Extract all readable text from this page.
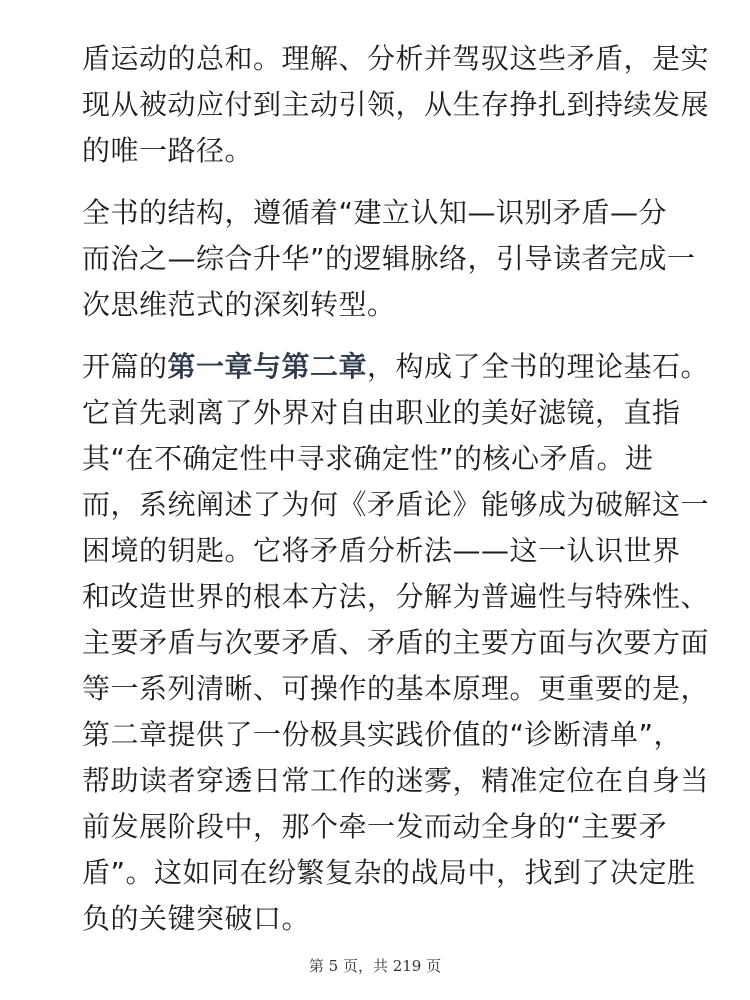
盾运动的总和。理解、分析并驾驭这些矛盾，是实
现从被动应付到主动引领，从生存挣扎到持续发展
的唯一路径。

全书的结构，遵循着“建立认知—识别矛盾—分
而治之—综合升华”的逻辑脉络，引导读者完成一
次思维范式的深刻转型。

开篇的第一章与第二章，构成了全书的理论基石。
它首先剥离了外界对自由职业的美好滤镜，直指
其“在不确定性中寻求确定性”的核心矛盾。进
而，系统阐述了为何《矛盾论》能够成为破解这一
困境的钥匙。它将矛盾分析法——这一认识世界
和改造世界的根本方法，分解为普遍性与特殊性、
主要矛盾与次要矛盾、矛盾的主要方面与次要方面
等一系列清晰、可操作的基本原理。更重要的是，
第二章提供了一份极具实践价值的“诊断清单”，
帮助读者穿透日常工作的迷雾，精准定位在自身当
前发展阶段中，那个牵一发而动全身的“主要矛
盾”。这如同在纷繁复杂的战局中，找到了决定胜
负的关键突破口。

第 5 页，共 219 页
